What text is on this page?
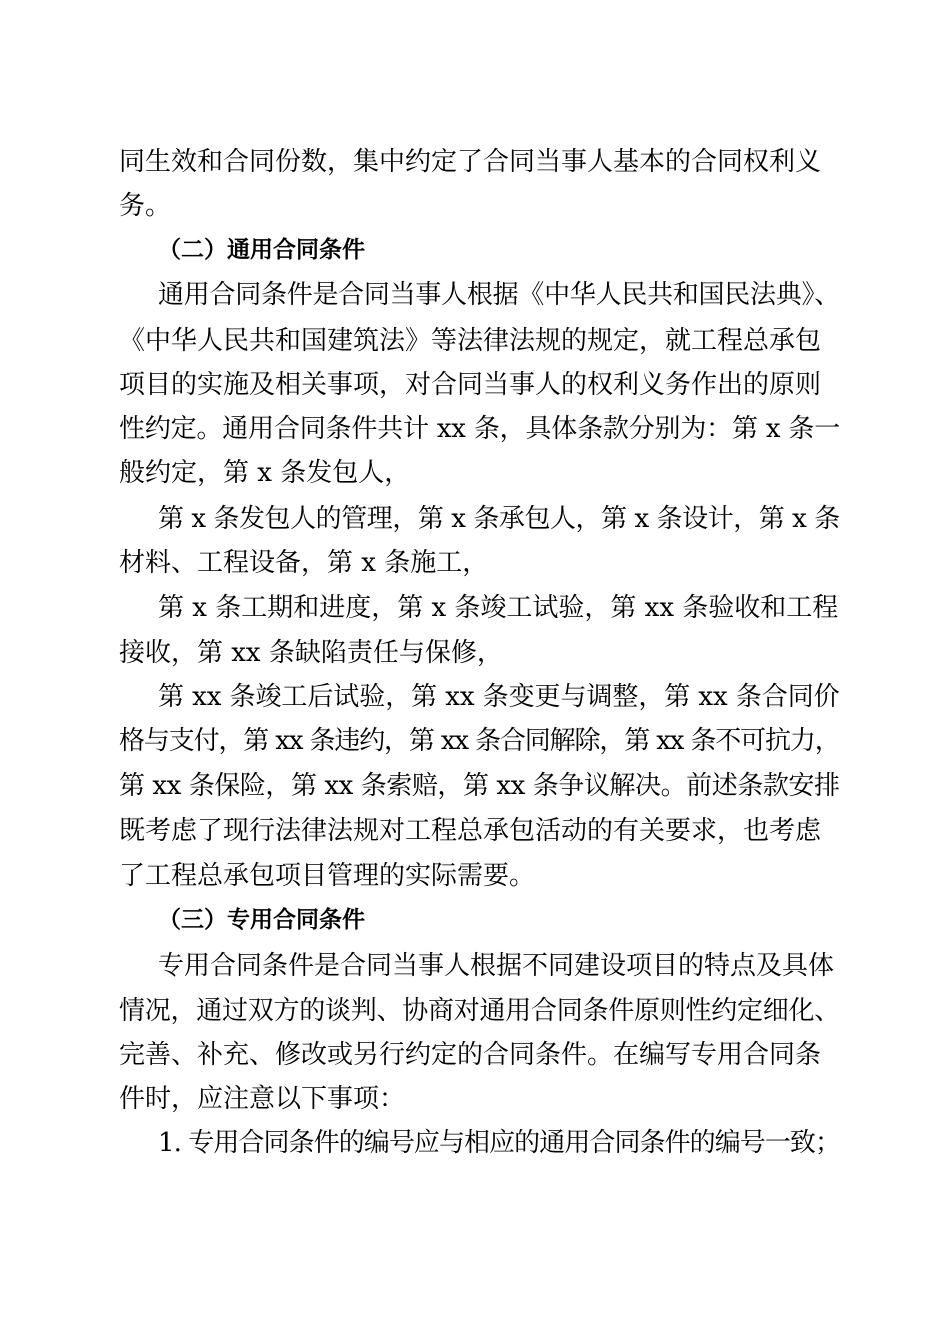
同生效和合同份数，集中约定了合同当事人基本的合同权利义
务。
（二）通用合同条件
通用合同条件是合同当事人根据《中华人民共和国民法典》、
《中华人民共和国建筑法》等法律法规的规定，就工程总承包
项目的实施及相关事项，对合同当事人的权利义务作出的原则
性约定。通用合同条件共计 xx 条，具体条款分别为：第 x 条一
般约定，第 x 条发包人，
第 x 条发包人的管理，第 x 条承包人，第 x 条设计，第 x 条
材料、工程设备，第 x 条施工，
第 x 条工期和进度，第 x 条竣工试验，第 xx 条验收和工程
接收，第 xx 条缺陷责任与保修，
第 xx 条竣工后试验，第 xx 条变更与调整，第 xx 条合同价
格与支付，第 xx 条违约，第 xx 条合同解除，第 xx 条不可抗力，
第 xx 条保险，第 xx 条索赔，第 xx 条争议解决。前述条款安排
既考虑了现行法律法规对工程总承包活动的有关要求，也考虑
了工程总承包项目管理的实际需要。
（三）专用合同条件
专用合同条件是合同当事人根据不同建设项目的特点及具体
情况，通过双方的谈判、协商对通用合同条件原则性约定细化、
完善、补充、修改或另行约定的合同条件。在编写专用合同条
件时，应注意以下事项：
1. 专用合同条件的编号应与相应的通用合同条件的编号一致；
